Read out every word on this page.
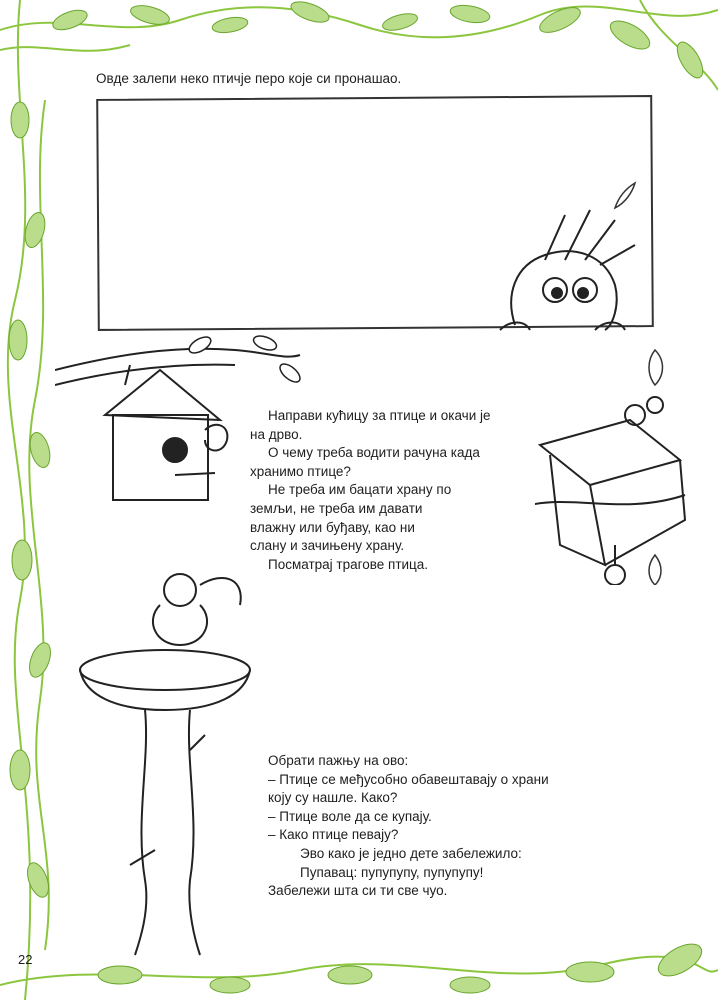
Овде залепи неко птичје перо које си пронашао.
Направи кућицу за птице и окачи је
на дрво.
О чему треба водити рачуна када
хранимо птице?
Не треба им бацати храну по
земљи, не треба им давати
влажну или буђаву, као ни
слану и зачињену храну.
Посматрај трагове птица.
Обрати пажњу на ово:
– Птице се међусобно обавештавају о храни
коју су нашле. Како?
– Птице воле да се купају.
– Како птице певају?
Эво како је једно дете забележило:
Пупавац: пупупупу, пупупупу!
Забележи шта си ти све чуо.
22
